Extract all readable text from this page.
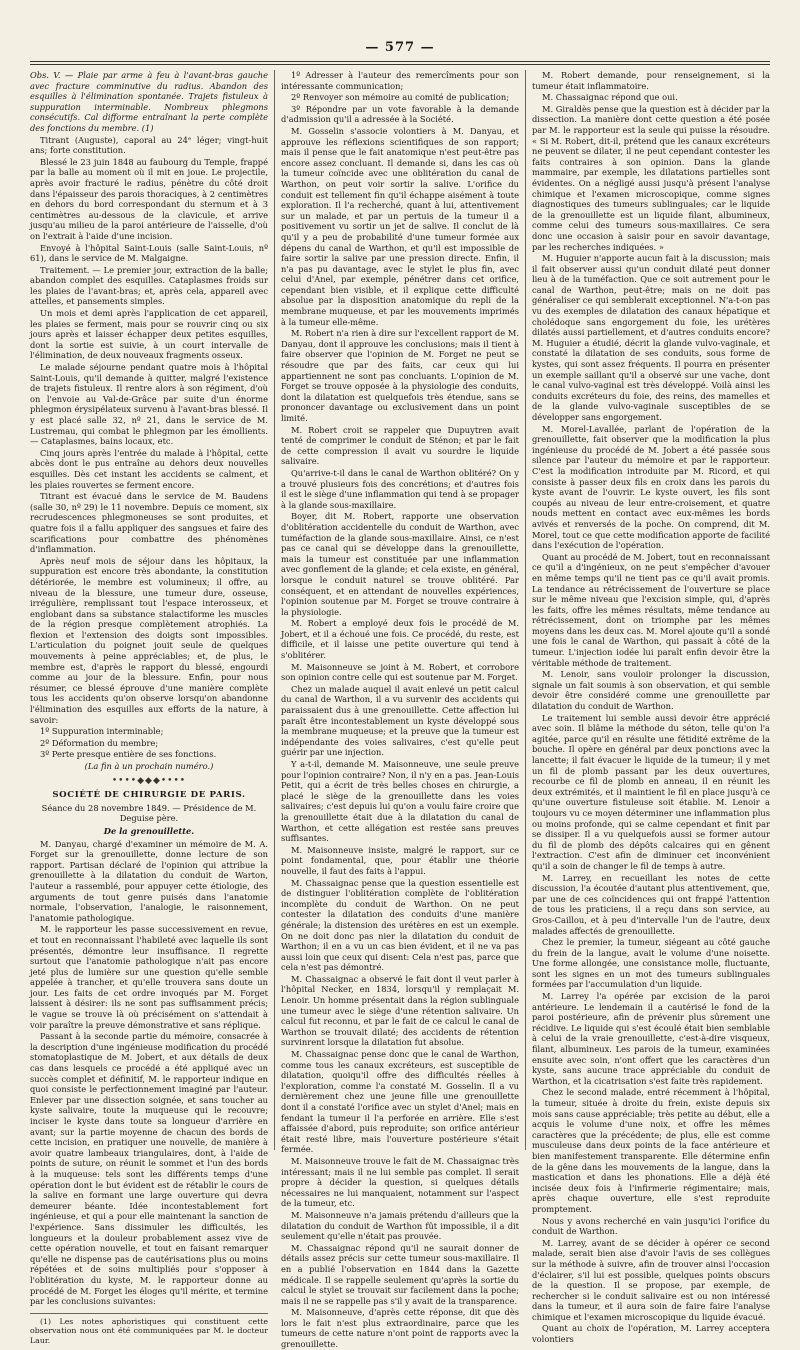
— 577 —

Obs. V. — Plaie par arme à feu à l'avant-bras gauche avec fracture comminutive du radius. Abandon des esquilles à l'élimination spontanée. Trajets fistuleux à suppuration interminable. Nombreux phlegmons consécutifs. Cal difforme entraînant la perte complète des fonctions du membre. (1)

Titrant (Auguste), caporal au 24ᵉ léger; vingt-huit ans; forte constitution.

Blessé le 23 juin 1848 au faubourg du Temple, frappé par la balle au moment où il mit en joue. Le projectile, après avoir fracturé le radius, pénètre du côté droit dans l'épaisseur des parois thoraciques, à 2 centimètres en dehors du bord correspondant du sternum et à 3 centimètres au-dessous de la clavicule, et arrive jusqu'au milieu de la paroi antérieure de l'aisselle, d'où on l'extrait à l'aide d'une incision.

Envoyé à l'hôpital Saint-Louis (salle Saint-Louis, nº 61), dans le service de M. Malgaigne.

Traitement. — Le premier jour, extraction de la balle; abandon complet des esquilles. Cataplasmes froids sur les plaies de l'avant-bras; et, après cela, appareil avec attelles, et pansements simples.

Un mois et demi après l'application de cet appareil, les plaies se ferment, mais pour se rouvrir cinq ou six jours après et laisser échapper deux petites esquilles, dont la sortie est suivie, à un court intervalle de l'élimination, de deux nouveaux fragments osseux.

Le malade séjourne pendant quatre mois à l'hôpital Saint-Louis, qu'il demande à quitter, malgré l'existence de trajets fistuleux. Il rentre alors à son régiment, d'où on l'envoie au Val-de-Grâce par suite d'un énorme phlegmon érysipélateux survenu à l'avant-bras blessé. Il y est placé salle 32, nº 21, dans le service de M. Lustremau, qui combat le phlegmon par les émollients. — Cataplasmes, bains locaux, etc.

Cinq jours après l'entrée du malade à l'hôpital, cette abcès dont le pus entraîne au dehors deux nouvelles esquilles. Dès cet instant les accidents se calment, et les plaies rouvertes se ferment encore.

Titrant est évacué dans le service de M. Baudens (salle 30, nº 29) le 11 novembre. Depuis ce moment, six recrudescences phlegmoneuses se sont produites, et quatre fois il a fallu appliquer des sangsues et faire des scarifications pour combattre des phénomènes d'inflammation.

Après neuf mois de séjour dans les hôpitaux, la suppuration est encore très abondante, la constitution détériorée, le membre est volumineux; il offre, au niveau de la blessure, une tumeur dure, osseuse, irrégulière, remplissant tout l'espace interosseux, et englobant dans sa substance stalactiforme les muscles de la région presque complètement atrophiés. La flexion et l'extension des doigts sont impossibles. L'articulation du poignet jouit seule de quelques mouvements à peine appréciables; et, de plus, le membre est, d'après le rapport du blessé, engourdi comme au jour de la blessure. Enfin, pour nous résumer, ce blessé éprouve d'une manière complète tous les accidents qu'on observe lorsqu'on abandonne l'élimination des esquilles aux efforts de la nature, à savoir:

1º Suppuration interminable;

2º Déformation du membre;

3º Perte presque entière de ses fonctions.

(La fin à un prochain numéro.)

••••◆◆◆••••
SOCIÉTÉ DE CHIRURGIE DE PARIS.

Séance du 28 novembre 1849. — Présidence de M. Deguise père.

De la grenouillette.

M. Danyau, chargé d'examiner un mémoire de M. A. Forget sur la grenouillette, donne lecture de son rapport. Partisan déclaré de l'opinion qui attribue la grenouillette à la dilatation du conduit de Warton, l'auteur a rassemblé, pour appuyer cette étiologie, des arguments de tout genre puisés dans l'anatomie normale, l'observation, l'analogie, le raisonnement, l'anatomie pathologique.

M. le rapporteur les passe successivement en revue, et tout en reconnaissant l'habileté avec laquelle ils sont présentés, démontre leur insuffisance. Il regrette surtout que l'anatomie pathologique n'ait pas encore jeté plus de lumière sur une question qu'elle semble appelée à trancher, et qu'elle trouvera sans doute un jour. Les faits de cet ordre invoqués par M. Forget laissent à désirer: ils ne sont pas suffisamment précis; le vague se trouve là où précisément on s'attendait à voir paraître la preuve démonstrative et sans réplique.

Passant à la seconde partie du mémoire, consacrée à la description d'une ingénieuse modification du procédé stomatoplastique de M. Jobert, et aux détails de deux cas dans lesquels ce procédé a été appliqué avec un succès complet et définitif, M. le rapporteur indique en quoi consiste le perfectionnement imaginé par l'auteur. Enlever par une dissection soignée, et sans toucher au kyste salivaire, toute la muqueuse qui le recouvre; inciser le kyste dans toute sa longueur d'arrière en avant; sur la partie moyenne de chacun des bords de cette incision, en pratiquer une nouvelle, de manière à avoir quatre lambeaux triangulaires, dont, à l'aide de points de suture, on réunit le sommet et l'un des bords à la muqueuse: tels sont les différents temps d'une opération dont le but évident est de rétablir le cours de la salive en formant une large ouverture qui devra demeurer béante. Idée incontestablement fort ingénieuse, et qui a pour elle maintenant la sanction de l'expérience. Sans dissimuler les difficultés, les longueurs et la douleur probablement assez vive de cette opération nouvelle, et tout en faisant remarquer qu'elle ne dispense pas de cautérisations plus ou moins répétées et de soins multipliés pour s'opposer à l'oblitération du kyste, M. le rapporteur donne au procédé de M. Forget les éloges qu'il mérite, et termine par les conclusions suivantes:

(1) Les notes aphoristiques qui constituent cette observation nous ont été communiquées par M. le docteur Laur.

1º Adresser à l'auteur des remercîments pour son intéressante communication;

2º Renvoyer son mémoire au comité de publication;

3º Répondre par un vote favorable à la demande d'admission qu'il a adressée à la Société.

M. Gosselin s'associe volontiers à M. Danyau, et approuve les réflexions scientifiques de son rapport; mais il pense que le fait anatomique n'est peut-être pas encore assez concluant. Il demande si, dans les cas où la tumeur coïncide avec une oblitération du canal de Warthon, on peut voir sortir la salive. L'orifice du conduit est tellement fin qu'il échappe aisément à toute exploration. Il l'a recherché, quant à lui, attentivement sur un malade, et par un pertuis de la tumeur il a positivement vu sortir un jet de salive. Il conclut de là qu'il y a peu de probabilité d'une tumeur formée aux dépens du canal de Warthon, et qu'il est impossible de faire sortir la salive par une pression directe. Enfin, il n'a pas pu davantage, avec le stylet le plus fin, avec celui d'Anel, par exemple, pénétrer dans cet orifice, cependant bien visible, et il explique cette difficulté absolue par la disposition anatomique du repli de la membrane muqueuse, et par les mouvements imprimés à la tumeur elle-même.

M. Robert n'a rien à dire sur l'excellent rapport de M. Danyau, dont il approuve les conclusions; mais il tient à faire observer que l'opinion de M. Forget ne peut se résoudre que par des faits, car ceux qui lui appartiennent ne sont pas concluants. L'opinion de M. Forget se trouve opposée à la physiologie des conduits, dont la dilatation est quelquefois très étendue, sans se prononcer davantage ou exclusivement dans un point limité.

M. Robert croit se rappeler que Dupuytren avait tenté de comprimer le conduit de Sténon; et par le fait de cette compression il avait vu sourdre le liquide salivaire.

Qu'arrive-t-il dans le canal de Warthon oblitéré? On y a trouvé plusieurs fois des concrétions; et d'autres fois il est le siège d'une inflammation qui tend à se propager à la glande sous-maxillaire.

Boyer, dit M. Robert, rapporte une observation d'oblitération accidentelle du conduit de Warthon, avec tuméfaction de la glande sous-maxillaire. Ainsi, ce n'est pas ce canal qui se développe dans la grenouillette, mais la tumeur est constituée par une inflammation avec gonflement de la glande; et cela existe, en général, lorsque le conduit naturel se trouve oblitéré. Par conséquent, et en attendant de nouvelles expériences, l'opinion soutenue par M. Forget se trouve contraire à la physiologie.

M. Robert a employé deux fois le procédé de M. Jobert, et il a échoué une fois. Ce procédé, du reste, est difficile, et il laisse une petite ouverture qui tend à s'oblitérer.

M. Maisonneuve se joint à M. Robert, et corrobore son opinion contre celle qui est soutenue par M. Forget.

Chez un malade auquel il avait enlevé un petit calcul du canal de Warthon, il a vu survenir des accidents qui paraissaient dus à une grenouillette. Cette affection lui paraît être incontestablement un kyste développé sous la membrane muqueuse; et la preuve que la tumeur est indépendante des voies salivaires, c'est qu'elle peut guérir par une injection.

Y a-t-il, demande M. Maisonneuve, une seule preuve pour l'opinion contraire? Non, il n'y en a pas. Jean-Louis Petit, qui a écrit de très belles choses en chirurgie, a placé le siège de la grenouillette dans les voies salivaires; c'est depuis lui qu'on a voulu faire croire que la grenouillette était due à la dilatation du canal de Warthon, et cette allégation est restée sans preuves suffisantes.

M. Maisonneuve insiste, malgré le rapport, sur ce point fondamental, que, pour établir une théorie nouvelle, il faut des faits à l'appui.

M. Chassaignac pense que la question essentielle est de distinguer l'oblitération complète de l'oblitération incomplète du conduit de Warthon. On ne peut contester la dilatation des conduits d'une manière générale; la distension des urétères en est un exemple. On ne doit donc pas nier la dilatation du conduit de Warthon; il en a vu un cas bien évident, et il ne va pas aussi loin que ceux qui disent: Cela n'est pas, parce que cela n'est pas démontré.

M. Chassaignac a observé le fait dont il veut parler à l'hôpital Necker, en 1834, lorsqu'il y remplaçait M. Lenoir. Un homme présentait dans la région sublinguale une tumeur avec le siège d'une rétention salivaire. Un calcul fut reconnu, et par le fait de ce calcul le canal de Warthon se trouvait dilaté; des accidents de rétention survinrent lorsque la dilatation fut absolue.

M. Chassaignac pense donc que le canal de Warthon, comme tous les canaux excréteurs, est susceptible de dilatation, quoiqu'il offre des difficultés réelles à l'exploration, comme l'a constaté M. Gosselin. Il a vu dernièrement chez une jeune fille une grenouillette dont il a constaté l'orifice avec un stylet d'Anel; mais en fendant la tumeur il l'a perforée en arrière. Elle s'est affaissée d'abord, puis reproduite; son orifice antérieur était resté libre, mais l'ouverture postérieure s'était fermée.

M. Maisonneuve trouve le fait de M. Chassaignac très intéressant; mais il ne lui semble pas complet. Il serait propre à décider la question, si quelques détails nécessaires ne lui manquaient, notamment sur l'aspect de la tumeur, etc.

M. Maisonneuve n'a jamais prétendu d'ailleurs que la dilatation du conduit de Warthon fût impossible, il a dit seulement qu'elle n'était pas prouvée.

M. Chassaignac répond qu'il ne saurait donner de détails assez précis sur cette tumeur sous-maxillaire. Il en a publié l'observation en 1844 dans la Gazette médicale. Il se rappelle seulement qu'après la sortie du calcul le stylet se trouvait sur facilement dans la poche; mais il ne se rappelle pas s'il y avait de la transparence.

M. Maisonneuve, d'après cette réponse, dit que dès lors le fait n'est plus extraordinaire, parce que les tumeurs de cette nature n'ont point de rapports avec la grenouillette.

M. Robert demande, pour renseignement, si la tumeur était inflammatoire.

M. Chassaignac répond que oui.

M. Giraldès pense que la question est à décider par la dissection. La manière dont cette question a été posée par M. le rapporteur est la seule qui puisse la résoudre. « Si M. Robert, dit-il, prétend que les canaux excréteurs ne peuvent se dilater, il ne peut cependant contester les faits contraires à son opinion. Dans la glande mammaire, par exemple, les dilatations partielles sont évidentes. On a négligé aussi jusqu'à présent l'analyse chimique et l'examen microscopique, comme signes diagnostiques des tumeurs sublinguales; car le liquide de la grenouillette est un liquide filant, albumineux, comme celui des tumeurs sous-maxillaires. Ce sera donc une occasion à saisir pour en savoir davantage, par les recherches indiquées. »

M. Huguier n'apporte aucun fait à la discussion; mais il fait observer aussi qu'un conduit dilaté peut donner lieu à de la tuméfaction. Que ce soit autrement pour le canal de Warthon, peut-être; mais on ne doit pas généraliser ce qui semblerait exceptionnel. N'a-t-on pas vu des exemples de dilatation des canaux hépatique et cholédoque sans engorgement du foie, les urétères dilatés aussi partiellement, et d'autres conduits encore? M. Huguier a étudié, décrit la glande vulvo-vaginale, et constaté la dilatation de ses conduits, sous forme de kystes, qui sont assez fréquents. Il pourra en présenter un exemple saillant qu'il a observé sur une vache, dont le canal vulvo-vaginal est très développé. Voilà ainsi les conduits excréteurs du foie, des reins, des mamelles et de la glande vulvo-vaginale susceptibles de se développer sans engorgement.

M. Morel-Lavallée, parlant de l'opération de la grenouillette, fait observer que la modification la plus ingénieuse du procédé de M. Jobert a été passée sous silence par l'auteur du mémoire et par le rapporteur. C'est la modification introduite par M. Ricord, et qui consiste à passer deux fils en croix dans les parois du kyste avant de l'ouvrir. Le kyste ouvert, les fils sont coupés au niveau de leur entre-croisement, et quatre nouds mettent en contact avec eux-mêmes les bords avivés et renversés de la poche. On comprend, dit M. Morel, tout ce que cette modification apporte de facilité dans l'exécution de l'opération.

Quant au procédé de M. Jobert, tout en reconnaissant ce qu'il a d'ingénieux, on ne peut s'empêcher d'avouer en même temps qu'il ne tient pas ce qu'il avait promis. La tendance au rétrécissement de l'ouverture se place sur le même niveau que l'excision simple, qui, d'après les faits, offre les mêmes résultats, même tendance au rétrécissement, dont on triomphe par les mêmes moyens dans les deux cas. M. Morel ajoute qu'il a sondé une fois le canal de Warthon, qui passait à côté de la tumeur. L'injection iodée lui paraît enfin devoir être la véritable méthode de traitement.

M. Lenoir, sans vouloir prolonger la discussion, signale un fait soumis à son observation, et qui semble devoir être considéré comme une grenouillette par dilatation du conduit de Warthon.

Le traitement lui semble aussi devoir être apprécié avec soin. Il blâme la méthode du séton, telle qu'on l'a agitée, parce qu'il en résulte une fétidité extrême de la bouche. Il opère en général par deux ponctions avec la lancette; il fait évacuer le liquide de la tumeur; il y met un fil de plomb passant par les deux ouvertures, recourbe ce fil de plomb en anneau, il en réunit les deux extrémités, et il maintient le fil en place jusqu'à ce qu'une ouverture fistuleuse soit établie. M. Lenoir a toujours vu ce moyen déterminer une inflammation plus ou moins profonde, qui se calme cependant et finit par se dissiper. Il a vu quelquefois aussi se former autour du fil de plomb des dépôts calcaires qui en gênent l'extraction. C'est afin de diminuer cet inconvénient qu'il a soin de changer le fil de temps à autre.

M. Larrey, en recueillant les notes de cette discussion, l'a écoutée d'autant plus attentivement, que, par une de ces coïncidences qui ont frappé l'attention de tous les praticiens, il a reçu dans son service, au Gros-Caillou, et à peu d'intervalle l'un de l'autre, deux malades affectés de grenouillette.

Chez le premier, la tumeur, siégeant au côté gauche du frein de la langue, avait le volume d'une noisette. Une forme allongée, une consistance molle, fluctuante, sont les signes en un mot des tumeurs sublinguales formées par l'accumulation d'un liquide.

M. Larrey l'a opérée par excision de la paroi antérieure. Le lendemain il a cautérisé le fond de la paroi postérieure, afin de prévenir plus sûrement une récidive. Le liquide qui s'est écoulé était bien semblable à celui de la vraie grenouillette, c'est-à-dire visqueux, filant, albumineux. Les parois de la tumeur, examinées ensuite avec soin, n'ont offert que les caractères d'un kyste, sans aucune trace appréciable du conduit de Warthon, et la cicatrisation s'est faite très rapidement.

Chez le second malade, entré récemment à l'hôpital, la tumeur, située à droite du frein, existe depuis six mois sans cause appréciable; très petite au début, elle a acquis le volume d'une noix, et offre les mêmes caractères que la précédente; de plus, elle est comme musculeuse dans deux points de la face antérieure et bien manifestement transparente. Elle détermine enfin de la gêne dans les mouvements de la langue, dans la mastication et dans les phonations. Elle a déjà été incisée deux fois à l'infirmerie régimentaire; mais, après chaque ouverture, elle s'est reproduite promptement.

Nous y avons recherché en vain jusqu'ici l'orifice du conduit de Warthon.

M. Larrey, avant de se décider à opérer ce second malade, serait bien aise d'avoir l'avis de ses collègues sur la méthode à suivre, afin de trouver ainsi l'occasion d'éclairer, s'il lui est possible, quelques points obscurs de la question. Il se propose, par exemple, de rechercher si le conduit salivaire est ou non intéressé dans la tumeur, et il aura soin de faire faire l'analyse chimique et l'examen microscopique du liquide évacué.

Quant au choix de l'opération, M. Larrey acceptera volontiers
